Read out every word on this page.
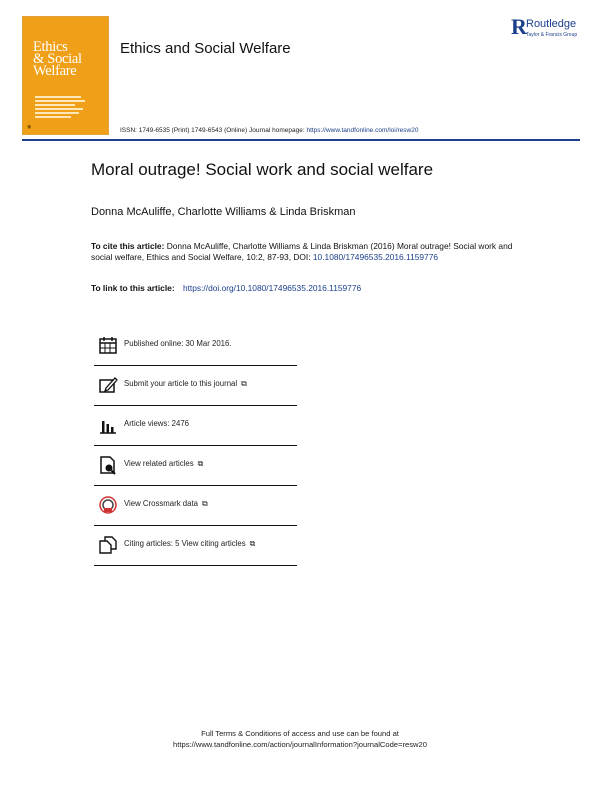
Ethics
& Social
Welfare
◉
Ethics and Social Welfare
R Routledge
Taylor & Francis Group
ISSN: 1749-6535 (Print) 1749-6543 (Online) Journal homepage: https://www.tandfonline.com/loi/resw20
Moral outrage! Social work and social welfare
Donna McAuliffe, Charlotte Williams & Linda Briskman
To cite this article: Donna McAuliffe, Charlotte Williams & Linda Briskman (2016) Moral outrage! Social work and social welfare, Ethics and Social Welfare, 10:2, 87-93, DOI: 10.1080/17496535.2016.1159776
To link to this article: https://doi.org/10.1080/17496535.2016.1159776
Published online: 30 Mar 2016.
Submit your article to this journal ⧉
Article views: 2476
View related articles ⧉
View Crossmark data ⧉
Citing articles: 5 View citing articles ⧉
Full Terms & Conditions of access and use can be found at
https://www.tandfonline.com/action/journalInformation?journalCode=resw20
